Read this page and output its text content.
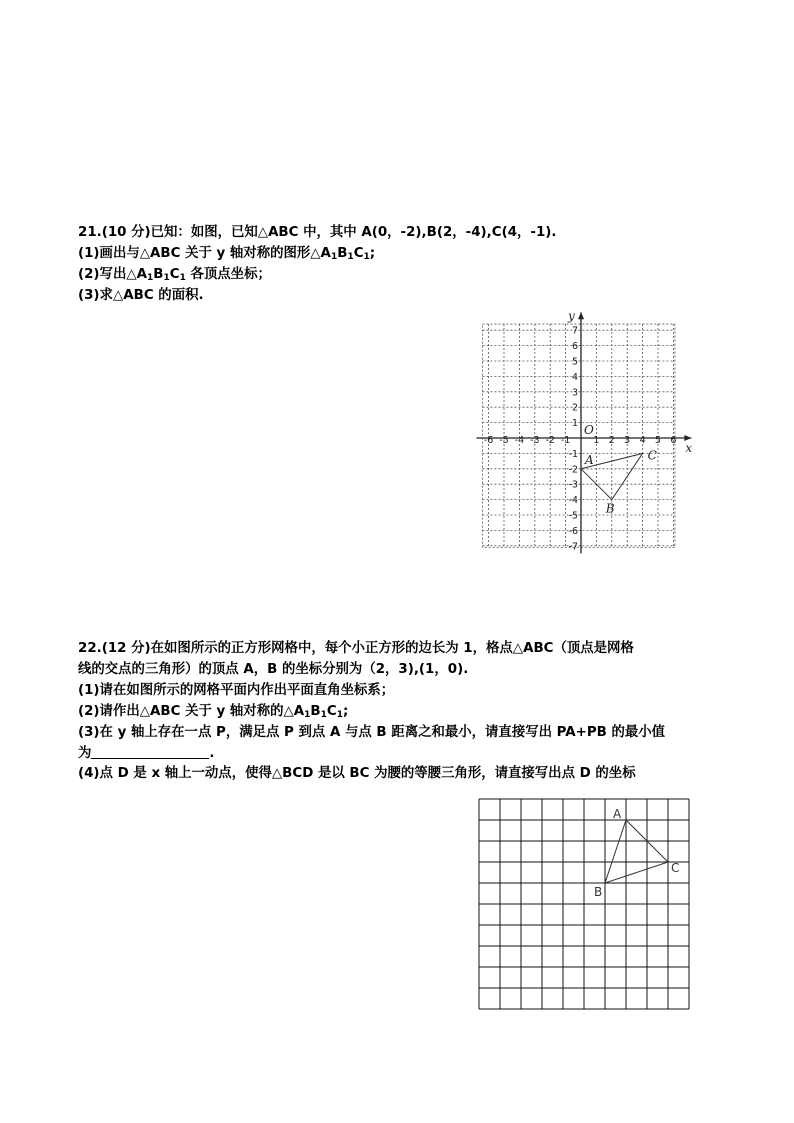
21.(10 分)已知：如图，已知△ABC 中，其中 A(0，-2),B(2，-4),C(4，-1).
(1)画出与△ABC 关于 y 轴对称的图形$\triangle A_1B_1C_1$;
(2)写出$\triangle A_1B_1C_1$ 各顶点坐标；
(3)求△ABC 的面积.
x
y
O
-6 -5 -4 -3 -2 -1 1 2 3 4 5 6
7
6
5
4
3
2
1
-1
-2
-3
-4
-5
-6
-7
A
B
C
22.(12 分)在如图所示的正方形网格中，每个小正方形的边长为 1，格点△ABC（顶点是网格
线的交点的三角形）的顶点 A，B 的坐标分别为（2，3),(1，0).
(1)请在如图所示的网格平面内作出平面直角坐标系；
(2)请作出△ABC 关于 y 轴对称的$\triangle A_1B_1C_1$;
(3)在 y 轴上存在一点 P，满足点 P 到点 A 与点 B 距离之和最小，请直接写出 PA+PB 的最小值
为	.
(4)点 D 是 x 轴上一动点，使得△BCD 是以 BC 为腰的等腰三角形，请直接写出点 D 的坐标
A
B
C
